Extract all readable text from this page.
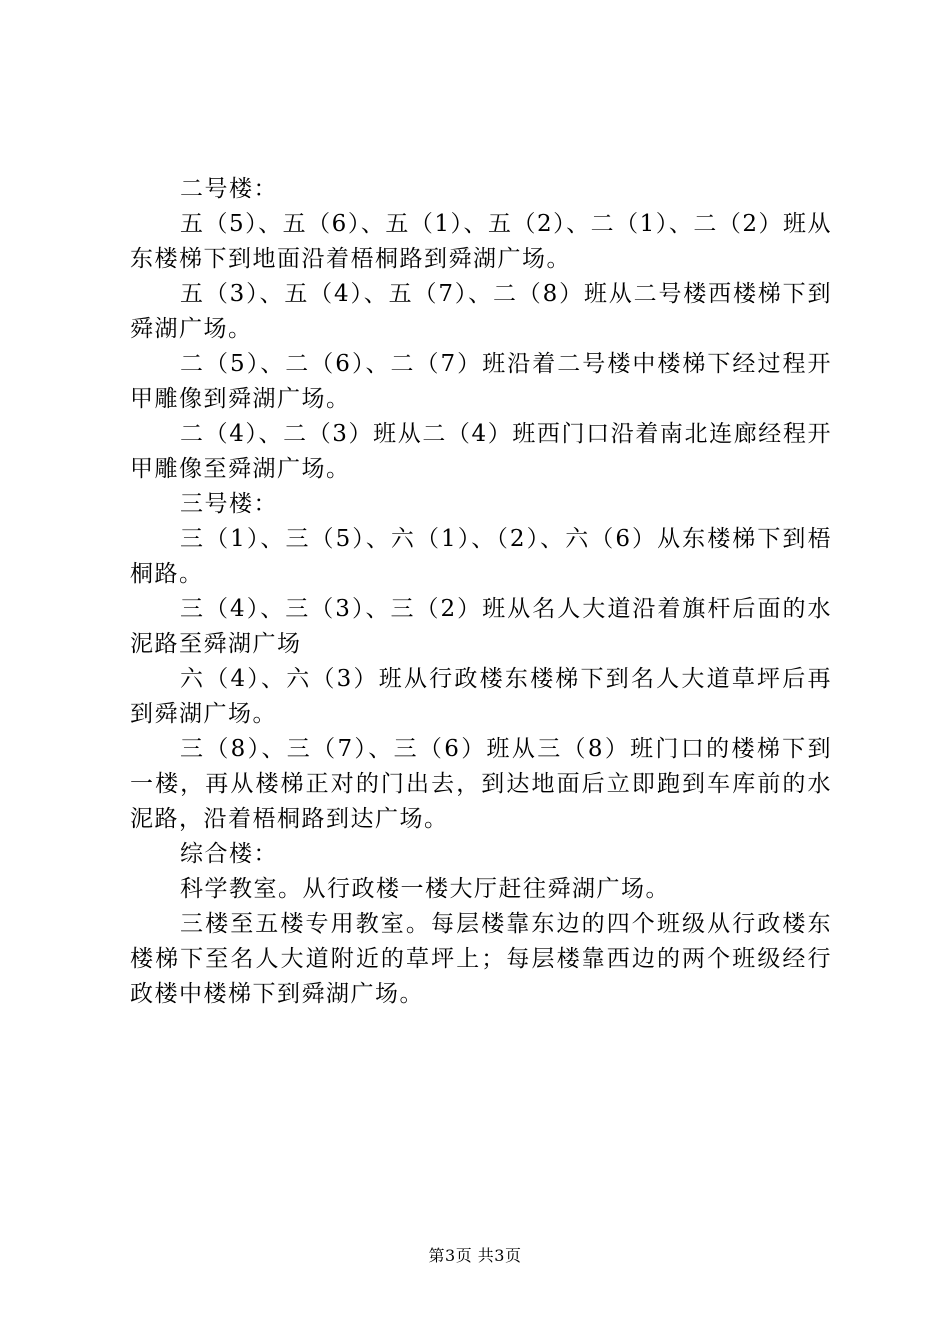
二号楼：

五（5）、五（6）、五（1）、五（2）、二（1）、二（2）班从东楼梯下到地面沿着梧桐路到舜湖广场。

五（3）、五（4）、五（7）、二（8）班从二号楼西楼梯下到舜湖广场。

二（5）、二（6）、二（7）班沿着二号楼中楼梯下经过程开甲雕像到舜湖广场。

二（4）、二（3）班从二（4）班西门口沿着南北连廊经程开甲雕像至舜湖广场。

三号楼：

三（1）、三（5）、六（1）、（2）、六（6）从东楼梯下到梧桐路。

三（4）、三（3）、三（2）班从名人大道沿着旗杆后面的水泥路至舜湖广场

六（4）、六（3）班从行政楼东楼梯下到名人大道草坪后再到舜湖广场。

三（8）、三（7）、三（6）班从三（8）班门口的楼梯下到一楼，再从楼梯正对的门出去，到达地面后立即跑到车库前的水泥路，沿着梧桐路到达广场。

综合楼：

科学教室。从行政楼一楼大厅赶往舜湖广场。

三楼至五楼专用教室。每层楼靠东边的四个班级从行政楼东楼梯下至名人大道附近的草坪上；每层楼靠西边的两个班级经行政楼中楼梯下到舜湖广场。

第3页 共3页
